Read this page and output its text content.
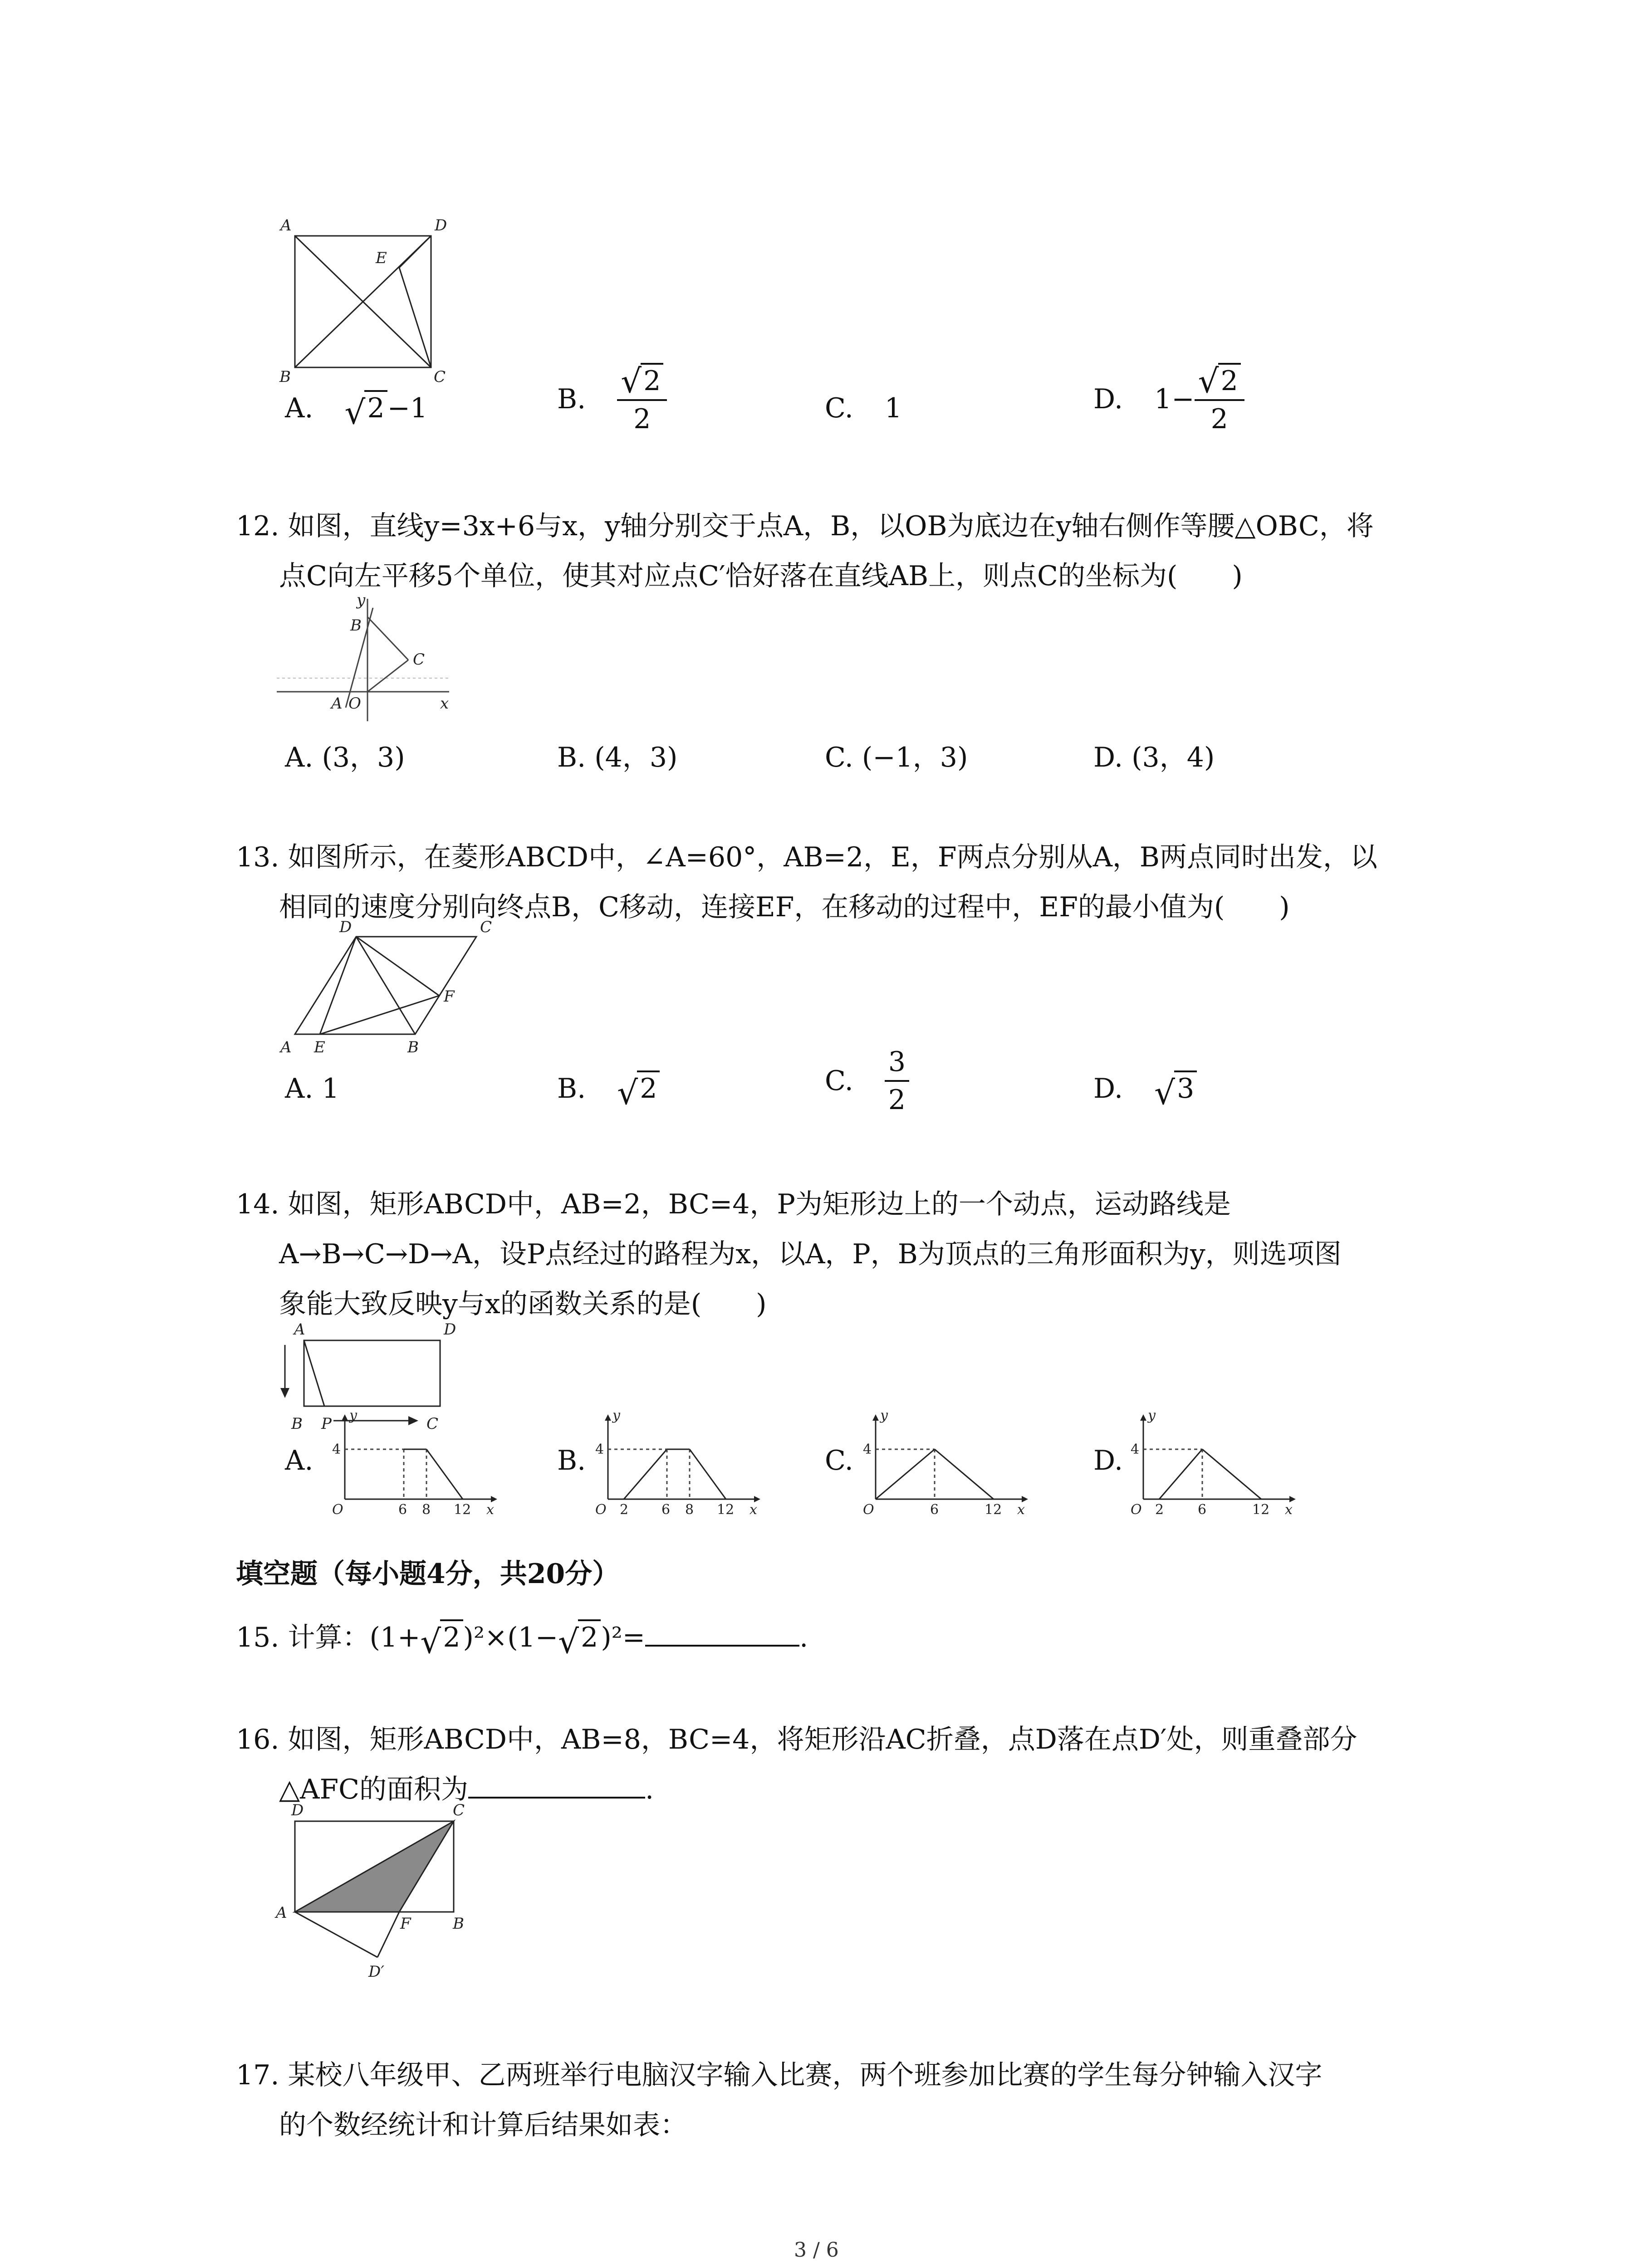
A	D
E
B	C
A. √ 2 −1	B. $\frac{√ 2}{2}$	C. 1	D. $1- \frac{√ 2}{2}$
12. 如图，直线y=3x+6与x，y轴分别交于点A，B，以OB为底边在y轴右侧作等腰△OBC，将
点C向左平移5个单位，使其对应点C′恰好落在直线AB上，则点C的坐标为(　　)
y
B
C
A O	x
A. (3，3)	B. (4，3)	C. (−1，3)	D. (3，4)
13. 如图所示，在菱形ABCD中，∠A=60°，AB=2，E，F两点分别从A，B两点同时出发，以
相同的速度分别向终点B，C移动，连接EF，在移动的过程中，EF的最小值为(　　)
D	C
A E	B
F
A. 1	B. √ 2	C. $\frac{3}{2}$	D. √ 3
14. 如图，矩形ABCD中，AB=2，BC=4，P为矩形边上的一个动点，运动路线是
A→B→C→D→A，设P点经过的路程为x，以A，P，B为顶点的三角形面积为y，则选项图
象能大致反映y与x的函数关系的是(　　)
A	D
B P	C
A.
y
4
O	6 8 12 x
B.
y
4
O 2 6 8 12 x
C.
y
4
O	6	12 x
D.
y
4
O 2 6	12 x
填空题（每小题4分，共20分）
15. 计算：(1+ √ 2 )²×(1− √ 2 )²=	.
16. 如图，矩形ABCD中，AB=8，BC=4，将矩形沿AC折叠，点D落在点D′处，则重叠部分
△AFC的面积为	.
D	C
A
F	B
D′
17. 某校八年级甲、乙两班举行电脑汉字输入比赛，两个班参加比赛的学生每分钟输入汉字
的个数经统计和计算后结果如表：
3 / 6
